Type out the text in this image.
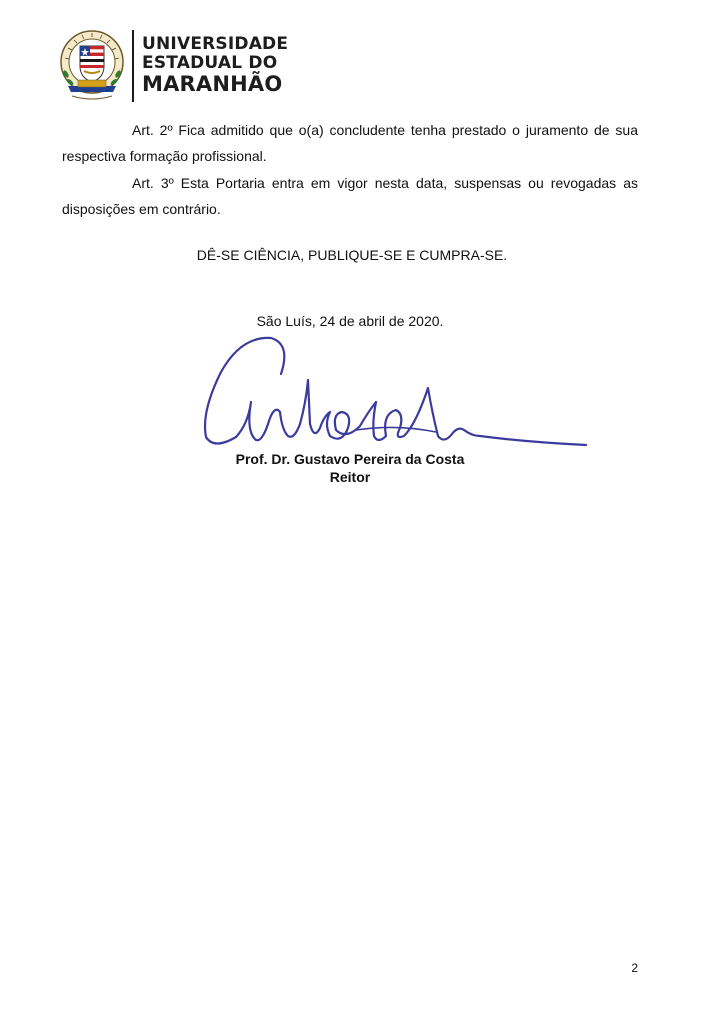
UNIVERSIDADE
ESTADUAL DO
MARANHÃO

Art. 2º Fica admitido que o(a) concludente tenha prestado o juramento de sua respectiva formação profissional.

Art. 3º Esta Portaria entra em vigor nesta data, suspensas ou revogadas as disposições em contrário.

DÊ-SE CIÊNCIA, PUBLIQUE-SE E CUMPRA-SE.

São Luís, 24 de abril de 2020.

Prof. Dr. Gustavo Pereira da Costa
Reitor
2
